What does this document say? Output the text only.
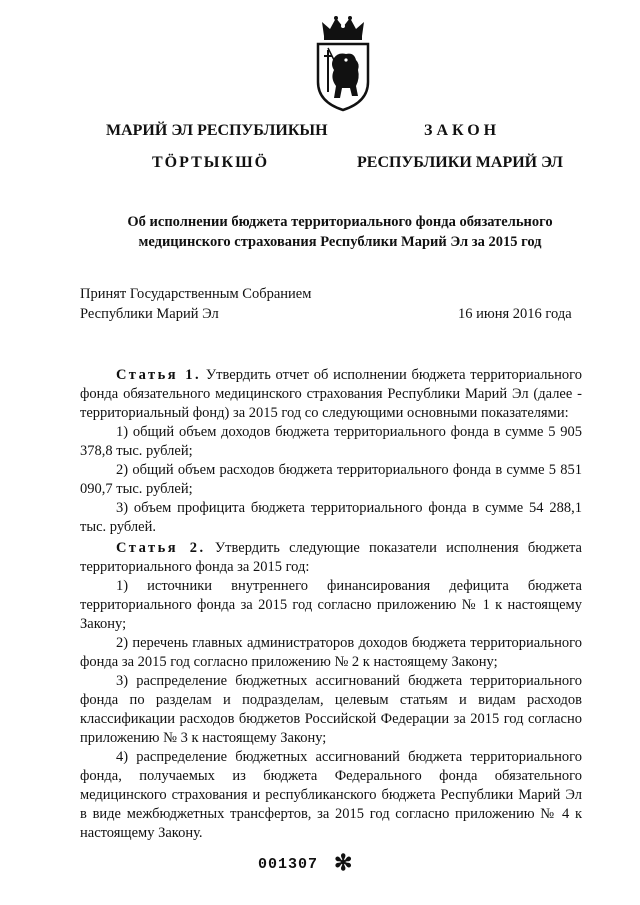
МАРИЙ ЭЛ РЕСПУБЛИКЫН
ТӦРТЫКШӦ
ЗАКОН
РЕСПУБЛИКИ МАРИЙ ЭЛ
Об исполнении бюджета территориального фонда обязательного
медицинского страхования Республики Марий Эл за 2015 год
Принят Государственным Собранием
Республики Марий Эл	16 июня 2016 года

Статья 1. Утвердить отчет об исполнении бюджета территориального фонда обязательного медицинского страхования Республики Марий Эл (далее - территориальный фонд) за 2015 год со следующими основными показателями:

1) общий объем доходов бюджета территориального фонда в сумме 5 905 378,8 тыс. рублей;

2) общий объем расходов бюджета территориального фонда в сумме 5 851 090,7 тыс. рублей;

3) объем профицита бюджета территориального фонда в сумме 54 288,1 тыс. рублей.

Статья 2. Утвердить следующие показатели исполнения бюджета территориального фонда за 2015 год:

1) источники внутреннего финансирования дефицита бюджета территориального фонда за 2015 год согласно приложению № 1 к настоящему Закону;

2) перечень главных администраторов доходов бюджета территориального фонда за 2015 год согласно приложению № 2 к настоящему Закону;

3) распределение бюджетных ассигнований бюджета территориального фонда по разделам и подразделам, целевым статьям и видам расходов классификации расходов бюджетов Российской Федерации за 2015 год согласно приложению № 3 к настоящему Закону;

4) распределение бюджетных ассигнований бюджета территориального фонда, получаемых из бюджета Федерального фонда обязательного медицинского страхования и республиканского бюджета Республики Марий Эл в виде межбюджетных трансфертов, за 2015 год согласно приложению № 4 к настоящему Закону.

001307 ✻
